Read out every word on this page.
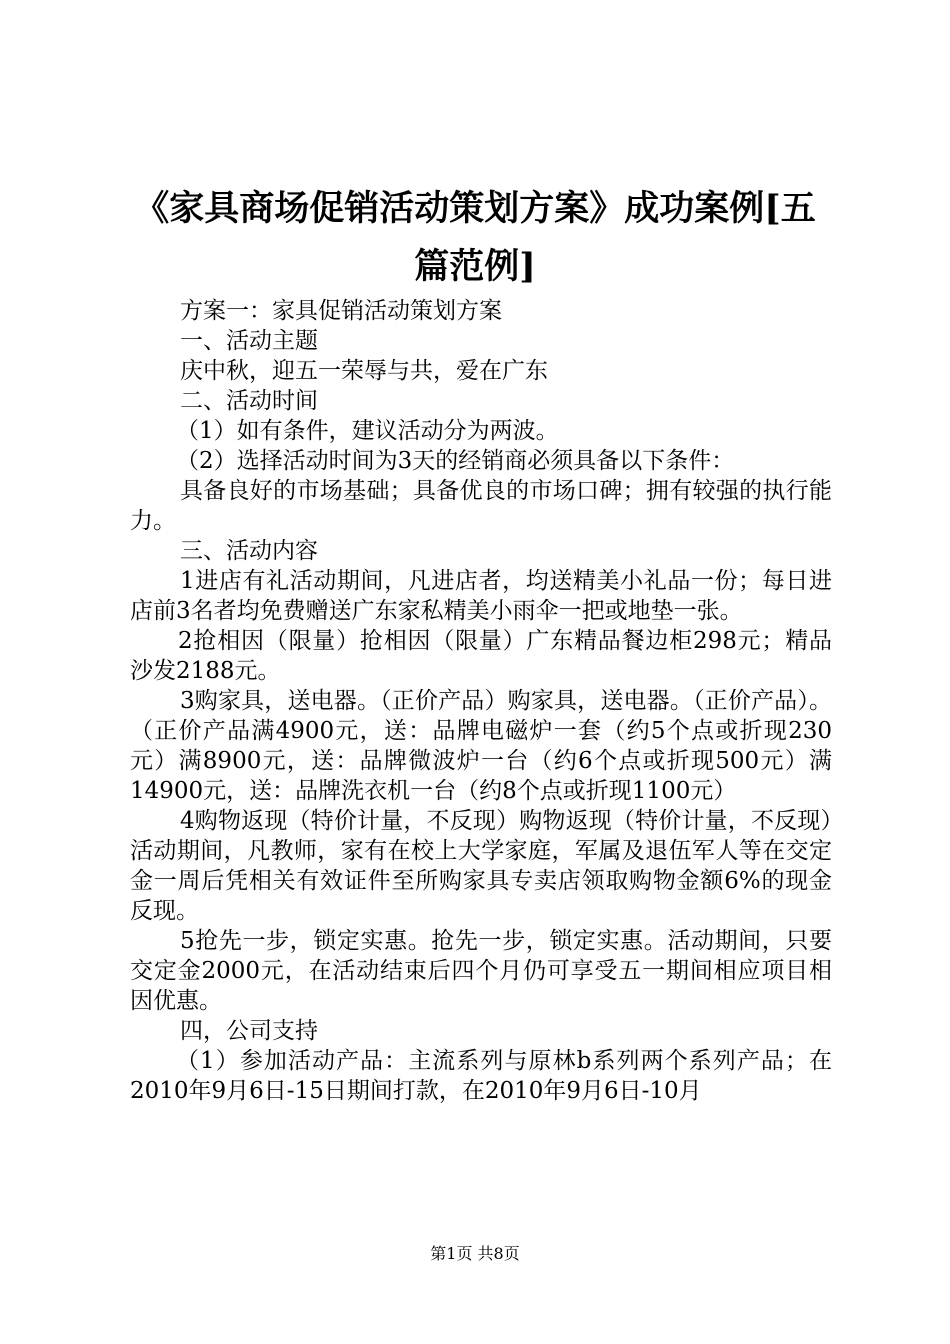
《家具商场促销活动策划方案》成功案例[五篇范例]

方案一：家具促销活动策划方案

一、活动主题

庆中秋，迎五一荣辱与共，爱在广东

二、活动时间

（1）如有条件，建议活动分为两波。

（2）选择活动时间为3天的经销商必须具备以下条件：

具备良好的市场基础；具备优良的市场口碑；拥有较强的执行能力。

三、活动内容

1进店有礼活动期间，凡进店者，均送精美小礼品一份；每日进店前3名者均免费赠送广东家私精美小雨伞一把或地垫一张。

2抢相因（限量）抢相因（限量）广东精品餐边柜298元；精品沙发2188元。

3购家具，送电器。（正价产品）购家具，送电器。（正价产品）。（正价产品满4900元，送：品牌电磁炉一套（约5个点或折现230元）满8900元，送：品牌微波炉一台（约6个点或折现500元）满14900元，送：品牌洗衣机一台（约8个点或折现1100元）

4购物返现（特价计量，不反现）购物返现（特价计量，不反现）活动期间，凡教师，家有在校上大学家庭，军属及退伍军人等在交定金一周后凭相关有效证件至所购家具专卖店领取购物金额6%的现金反现。

5抢先一步，锁定实惠。抢先一步，锁定实惠。活动期间，只要交定金2000元，在活动结束后四个月仍可享受五一期间相应项目相因优惠。

四，公司支持

（1）参加活动产品：主流系列与原林b系列两个系列产品；在2010年9月6日-15日期间打款，在2010年9月6日-10月

第1页 共8页
